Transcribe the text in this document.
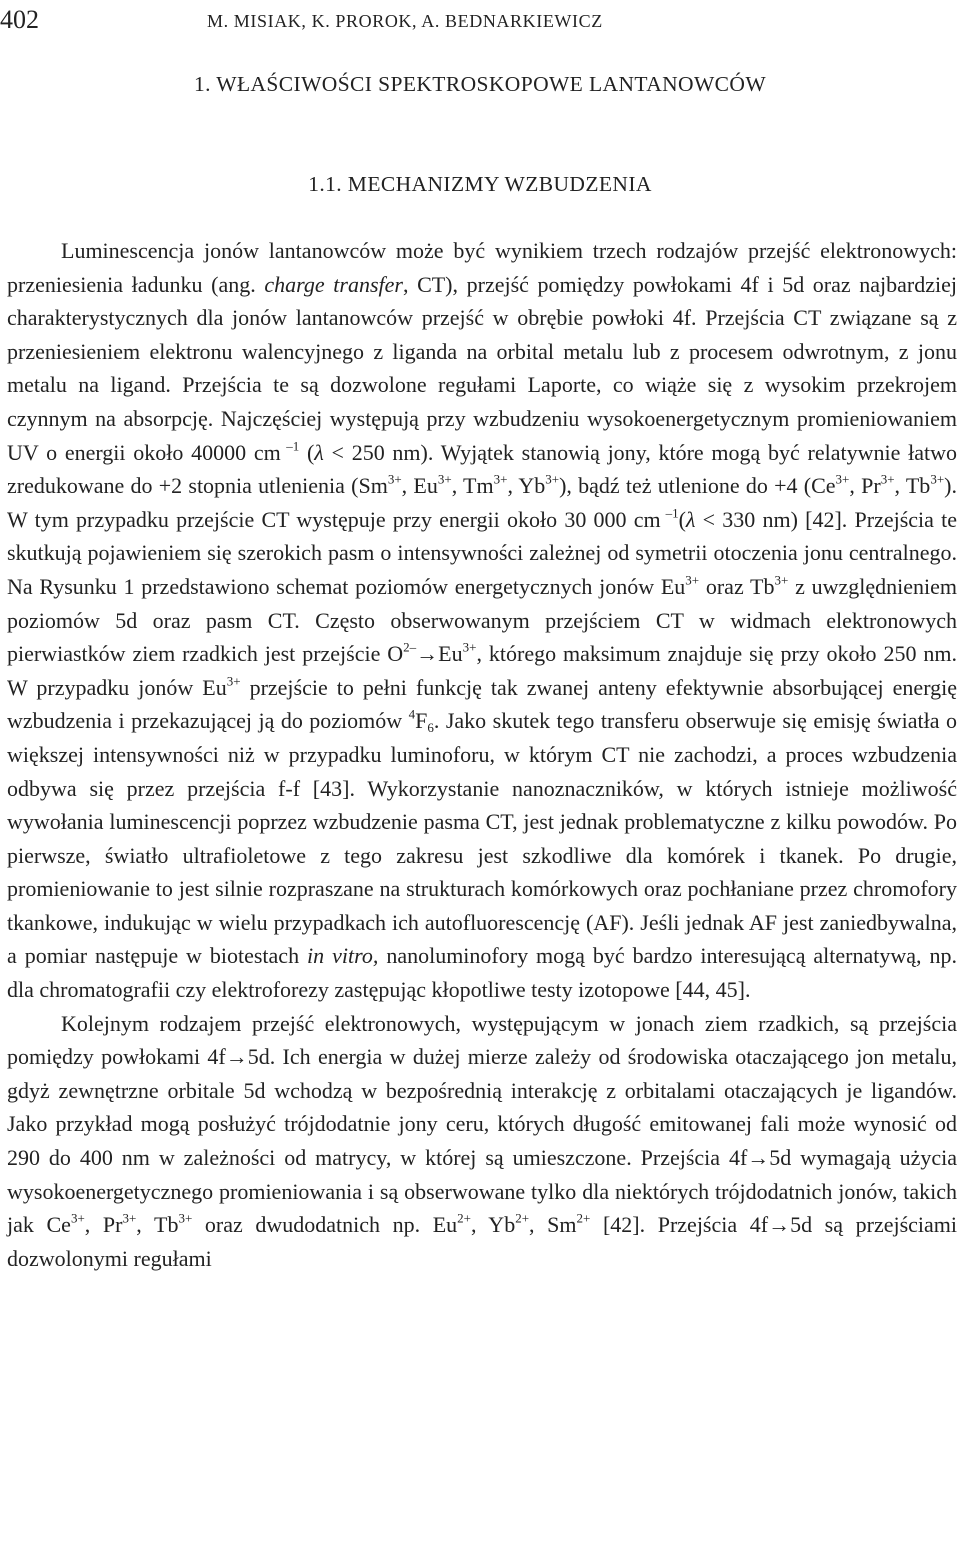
402	M. MISIAK, K. PROROK, A. BEDNARKIEWICZ
1. WŁAŚCIWOŚCI SPEKTROSKOPOWE LANTANOWCÓW
1.1. MECHANIZMY WZBUDZENIA

Luminescencja jonów lantanowców może być wynikiem trzech rodzajów przejść elektronowych: przeniesienia ładunku (ang. charge transfer, CT), przejść pomiędzy powłokami 4f i 5d oraz najbardziej charakterystycznych dla jonów lantanowców przejść w obrębie powłoki 4f. Przejścia CT związane są z przeniesieniem elektronu walencyjnego z liganda na orbital metalu lub z procesem odwrotnym, z jonu metalu na ligand. Przejścia te są dozwolone regułami Laporte, co wiąże się z wysokim przekrojem czynnym na absorpcję. Najczęściej występują przy wzbudzeniu wysokoenergetycznym promieniowaniem UV o energii około 40000 cm $^{-1}$ (λ < 250 nm). Wyjątek stanowią jony, które mogą być relatywnie łatwo zredukowane do +2 stopnia utlenienia ($Sm^{3+}$, $Eu^{3+}$, $Tm^{3+}$, $Yb^{3+}$), bądź też utlenione do +4 ($Ce^{3+}$, $Pr^{3+}$, $Tb^{3+}$). W tym przypadku przejście CT występuje przy energii około 30 000 cm $^{-1}$(λ < 330 nm) [42]. Przejścia te skutkują pojawieniem się szerokich pasm o intensywności zależnej od symetrii otoczenia jonu centralnego. Na Rysunku 1 przedstawiono schemat poziomów energetycznych jonów $Eu^{3+}$ oraz $Tb^{3+}$ z uwzględnieniem poziomów 5d oraz pasm CT. Często obserwowanym przejściem CT w widmach elektronowych pierwiastków ziem rzadkich jest przejście $O^{2-}\to Eu^{3+}$, którego maksimum znajduje się przy około 250 nm. W przypadku jonów $Eu^{3+}$ przejście to pełni funkcję tak zwanej anteny efektywnie absorbującej energię wzbudzenia i przekazującej ją do poziomów $^4F_6$. Jako skutek tego transferu obserwuje się emisję światła o większej intensywności niż w przypadku luminoforu, w którym CT nie zachodzi, a proces wzbudzenia odbywa się przez przejścia f-f [43]. Wykorzystanie nanoznaczników, w których istnieje możliwość wywołania luminescencji poprzez wzbudzenie pasma CT, jest jednak problematyczne z kilku powodów. Po pierwsze, światło ultrafioletowe z tego zakresu jest szkodliwe dla komórek i tkanek. Po drugie, promieniowanie to jest silnie rozpraszane na strukturach komórkowych oraz pochłaniane przez chromofory tkankowe, indukując w wielu przypadkach ich autofluorescencję (AF). Jeśli jednak AF jest zaniedbywalna, a pomiar następuje w biotestach in vitro, nanoluminofory mogą być bardzo interesującą alternatywą, np. dla chromatografii czy elektroforezy zastępując kłopotliwe testy izotopowe [44, 45].

Kolejnym rodzajem przejść elektronowych, występującym w jonach ziem rzadkich, są przejścia pomiędzy powłokami 4f→5d. Ich energia w dużej mierze zależy od środowiska otaczającego jon metalu, gdyż zewnętrzne orbitale 5d wchodzą w bezpośrednią interakcję z orbitalami otaczających je ligandów. Jako przykład mogą posłużyć trójdodatnie jony ceru, których długość emitowanej fali może wynosić od 290 do 400 nm w zależności od matrycy, w której są umieszczone. Przejścia 4f→5d wymagają użycia wysokoenergetycznego promieniowania i są obserwowane tylko dla niektórych trójdodatnich jonów, takich jak $Ce^{3+}$, $Pr^{3+}$, $Tb^{3+}$ oraz dwudodatnich np. $Eu^{2+}$, $Yb^{2+}$, $Sm^{2+}$ [42]. Przejścia 4f→5d są przejściami dozwolonymi regułami
